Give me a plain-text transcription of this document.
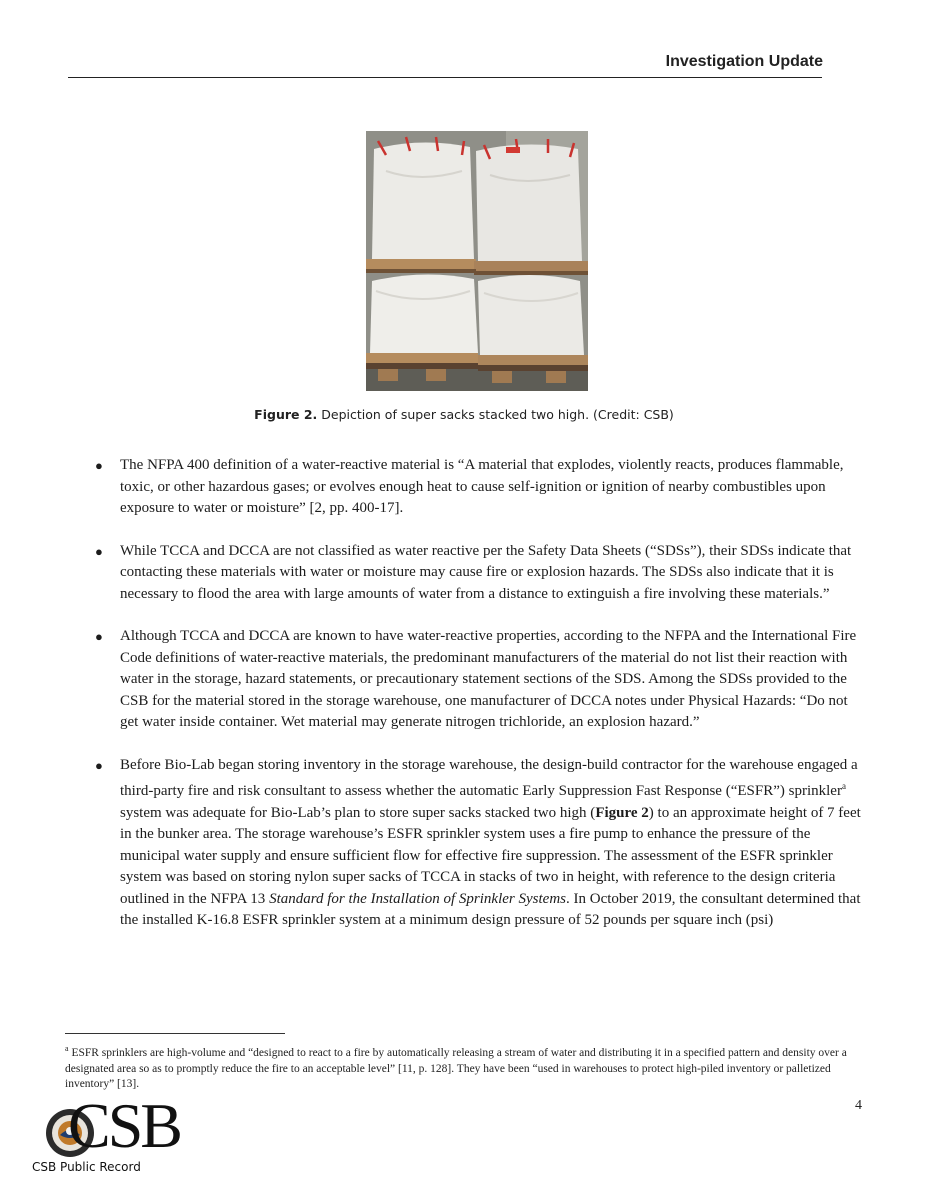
Investigation Update
Figure 2. Depiction of super sacks stacked two high. (Credit: CSB)
● The NFPA 400 definition of a water-reactive material is “A material that explodes, violently reacts, produces flammable, toxic, or other hazardous gases; or evolves enough heat to cause self-ignition or ignition of nearby combustibles upon exposure to water or moisture” [2, pp. 400-17].
● While TCCA and DCCA are not classified as water reactive per the Safety Data Sheets (“SDSs”), their SDSs indicate that contacting these materials with water or moisture may cause fire or explosion hazards. The SDSs also indicate that it is necessary to flood the area with large amounts of water from a distance to extinguish a fire involving these materials.”
● Although TCCA and DCCA are known to have water-reactive properties, according to the NFPA and the International Fire Code definitions of water-reactive materials, the predominant manufacturers of the material do not list their reaction with water in the storage, hazard statements, or precautionary statement sections of the SDS. Among the SDSs provided to the CSB for the material stored in the storage warehouse, one manufacturer of DCCA notes under Physical Hazards: “Do not get water inside container. Wet material may generate nitrogen trichloride, an explosion hazard.”
● Before Bio-Lab began storing inventory in the storage warehouse, the design-build contractor for the warehouse engaged a third-party fire and risk consultant to assess whether the automatic Early Suppression Fast Response (“ESFR”) sprinkler$^a$ system was adequate for Bio-Lab’s plan to store super sacks stacked two high (Figure 2) to an approximate height of 7 feet in the bunker area. The storage warehouse’s ESFR sprinkler system uses a fire pump to enhance the pressure of the municipal water supply and ensure sufficient flow for effective fire suppression. The assessment of the ESFR sprinkler system was based on storing nylon super sacks of TCCA in stacks of two in height, with reference to the design criteria outlined in the NFPA 13 Standard for the Installation of Sprinkler Systems. In October 2019, the consultant determined that the installed K-16.8 ESFR sprinkler system at a minimum design pressure of 52 pounds per square inch (psi)
$^a$ ESFR sprinklers are high-volume and “designed to react to a fire by automatically releasing a stream of water and distributing it in a specified pattern and density over a designated area so as to promptly reduce the fire to an acceptable level” [11, p. 128]. They have been “used in warehouses to protect high-piled inventory or palletized inventory” [13].
4
CSB
CSB Public Record
